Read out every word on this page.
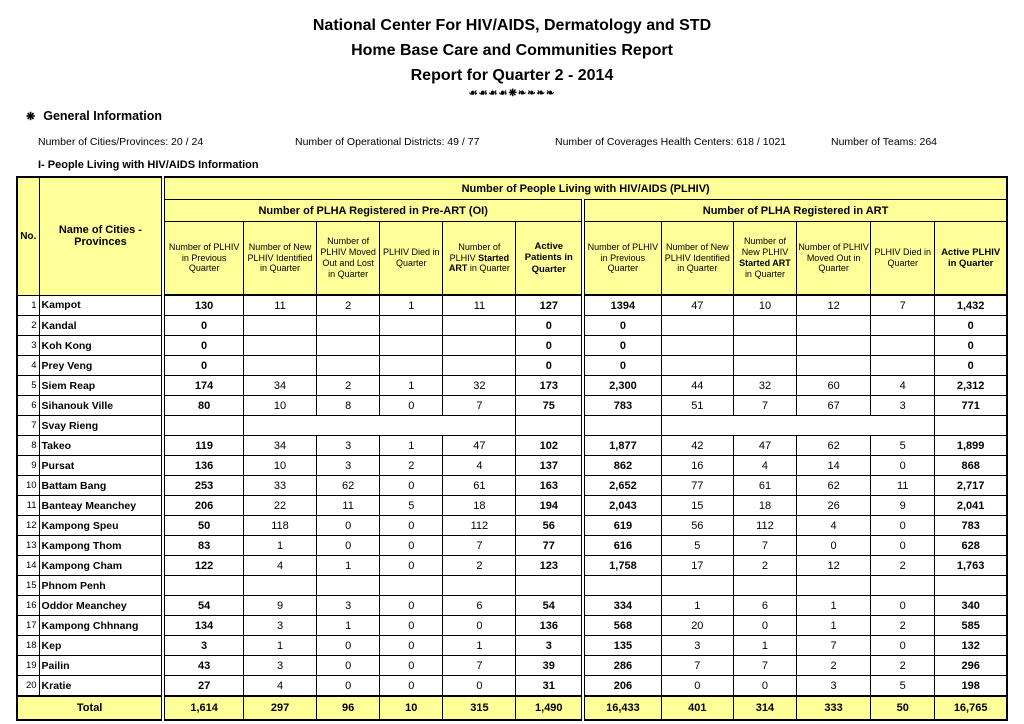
National Center For HIV/AIDS, Dermatology and STD
Home Base Care and Communities Report
Report for Quarter 2 - 2014
☙☙☙☙❋❧❧❧❧
❋ General Information
Number of Cities/Provinces: 20 / 24	Number of Operational Districts: 49 / 77	Number of Coverages Health Centers: 618 / 1021	Number of Teams: 264
I- People Living with HIV/AIDS Information
No.	Name of Cities - Provinces	Number of People Living with HIV/AIDS (PLHIV)											
		Number of PLHA Registered in Pre-ART (OI)						Number of PLHA Registered in ART					
		Number of PLHIV in Previous Quarter	Number of New PLHIV Identified in Quarter	Number of PLHIV Moved Out and Lost in Quarter	PLHIV Died in Quarter	Number of PLHIV Started ART in Quarter	Active Patients in Quarter	Number of PLHIV in Previous Quarter	Number of New PLHIV Identified in Quarter	Number of New PLHIV Started ART in Quarter	Number of PLHIV Moved Out in Quarter	PLHIV Died in Quarter	Active PLHIV in Quarter
1	Kampot	130	11	2	1	11	127	1394	47	10	12	7	1,432
2	Kandal	0					0	0					0
3	Koh Kong	0					0	0					0
4	Prey Veng	0					0	0					0
5	Siem Reap	174	34	2	1	32	173	2,300	44	32	60	4	2,312
6	Sihanouk Ville	80	10	8	0	7	75	783	51	7	67	3	771
7	Svay Rieng												
8	Takeo	119	34	3	1	47	102	1,877	42	47	62	5	1,899
9	Pursat	136	10	3	2	4	137	862	16	4	14	0	868
10	Battam Bang	253	33	62	0	61	163	2,652	77	61	62	11	2,717
11	Banteay Meanchey	206	22	11	5	18	194	2,043	15	18	26	9	2,041
12	Kampong Speu	50	118	0	0	112	56	619	56	112	4	0	783
13	Kampong Thom	83	1	0	0	7	77	616	5	7	0	0	628
14	Kampong Cham	122	4	1	0	2	123	1,758	17	2	12	2	1,763
15	Phnom Penh												
16	Oddor Meanchey	54	9	3	0	6	54	334	1	6	1	0	340
17	Kampong Chhnang	134	3	1	0	0	136	568	20	0	1	2	585
18	Kep	3	1	0	0	1	3	135	3	1	7	0	132
19	Pailin	43	3	0	0	7	39	286	7	7	2	2	296
20	Kratie	27	4	0	0	0	31	206	0	0	3	5	198
Total		1,614	297	96	10	315	1,490	16,433	401	314	333	50	16,765
